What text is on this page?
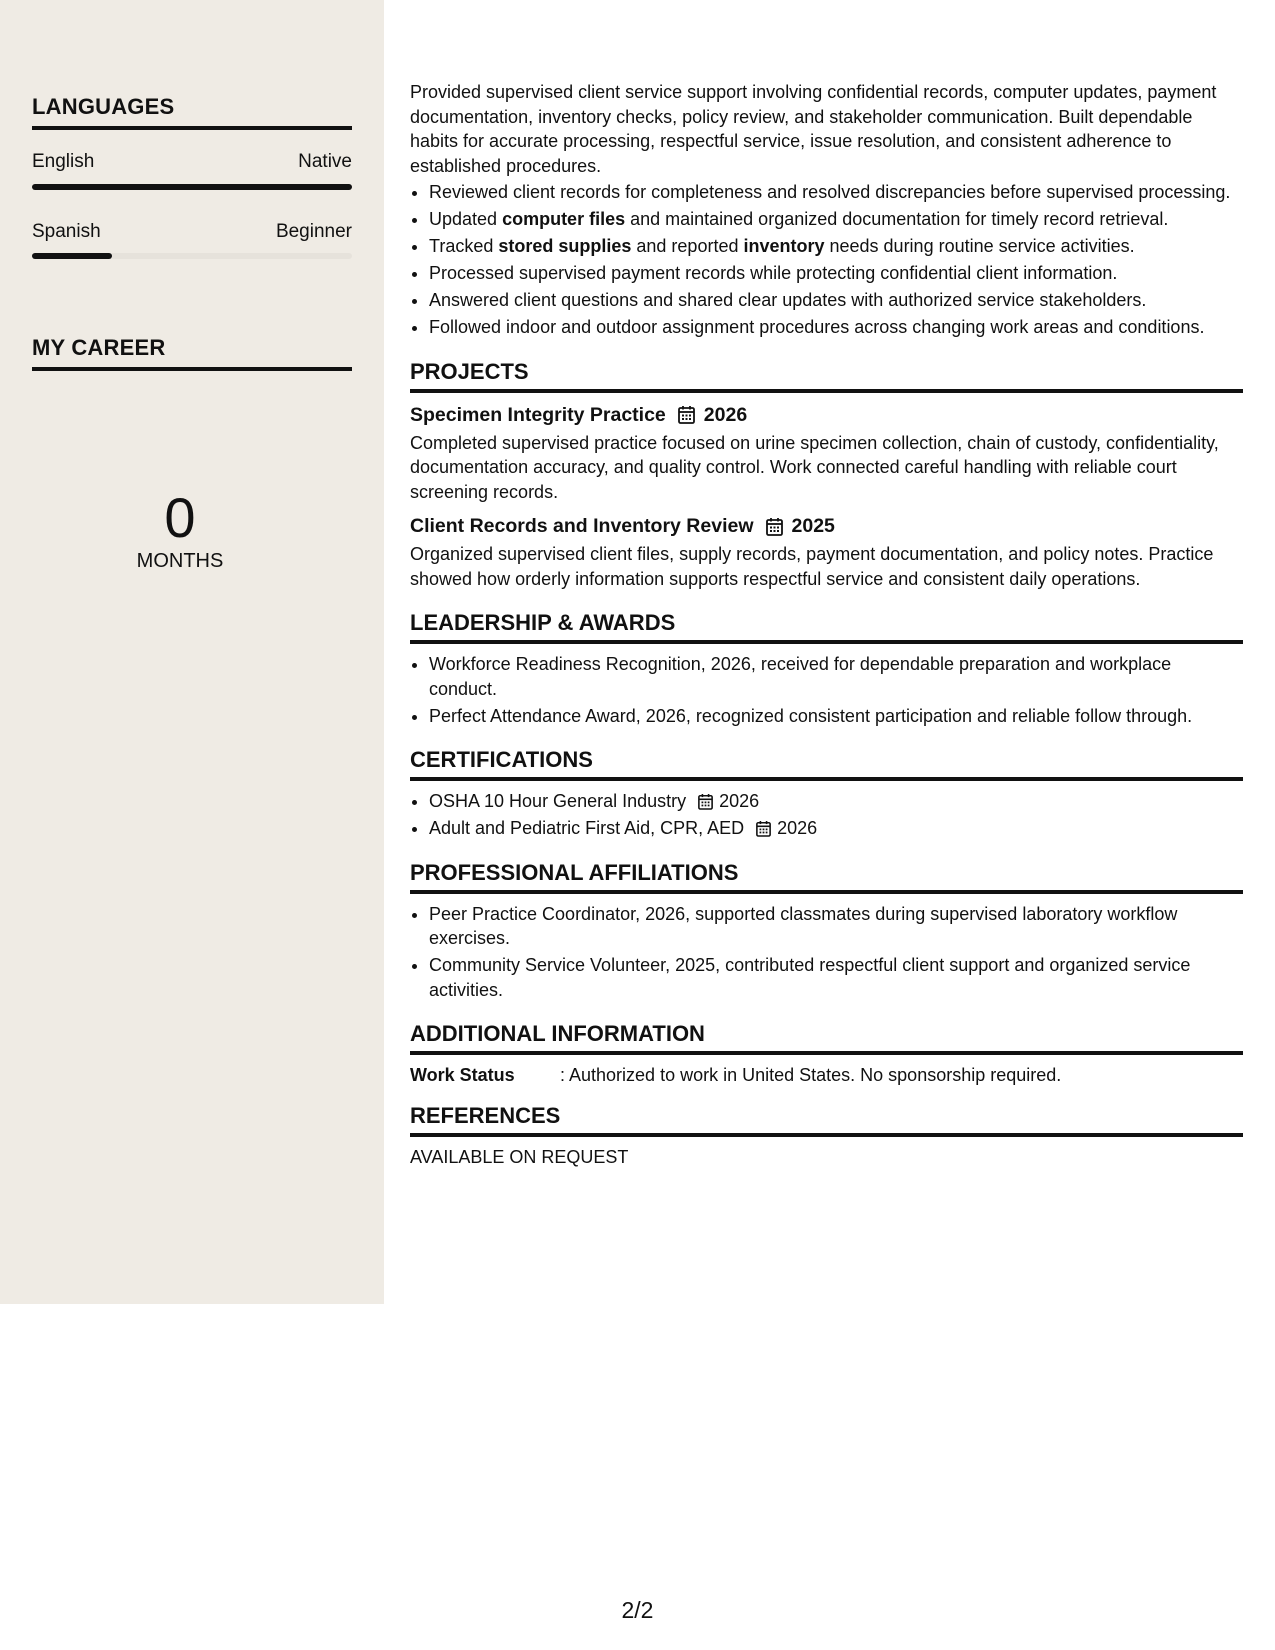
LANGUAGES
English	Native
Spanish	Beginner
MY CAREER
0
MONTHS

Provided supervised client service support involving confidential records, computer updates, payment documentation, inventory checks, policy review, and stakeholder communication. Built dependable habits for accurate processing, respectful service, issue resolution, and consistent adherence to established procedures.

• Reviewed client records for completeness and resolved discrepancies before supervised processing.
• Updated computer files and maintained organized documentation for timely record retrieval.
• Tracked stored supplies and reported inventory needs during routine service activities.
• Processed supervised payment records while protecting confidential client information.
• Answered client questions and shared clear updates with authorized service stakeholders.
• Followed indoor and outdoor assignment procedures across changing work areas and conditions.
PROJECTS
Specimen Integrity Practice 2026

Completed supervised practice focused on urine specimen collection, chain of custody, confidentiality, documentation accuracy, and quality control. Work connected careful handling with reliable court screening records.

Client Records and Inventory Review 2025

Organized supervised client files, supply records, payment documentation, and policy notes. Practice showed how orderly information supports respectful service and consistent daily operations.

LEADERSHIP & AWARDS
• Workforce Readiness Recognition, 2026, received for dependable preparation and workplace conduct.
• Perfect Attendance Award, 2026, recognized consistent participation and reliable follow through.
CERTIFICATIONS
• OSHA 10 Hour General Industry 2026
• Adult and Pediatric First Aid, CPR, AED 2026
PROFESSIONAL AFFILIATIONS
• Peer Practice Coordinator, 2026, supported classmates during supervised laboratory workflow exercises.
• Community Service Volunteer, 2025, contributed respectful client support and organized service activities.
ADDITIONAL INFORMATION
Work Status	: Authorized to work in United States. No sponsorship required.
REFERENCES

AVAILABLE ON REQUEST

2/2
